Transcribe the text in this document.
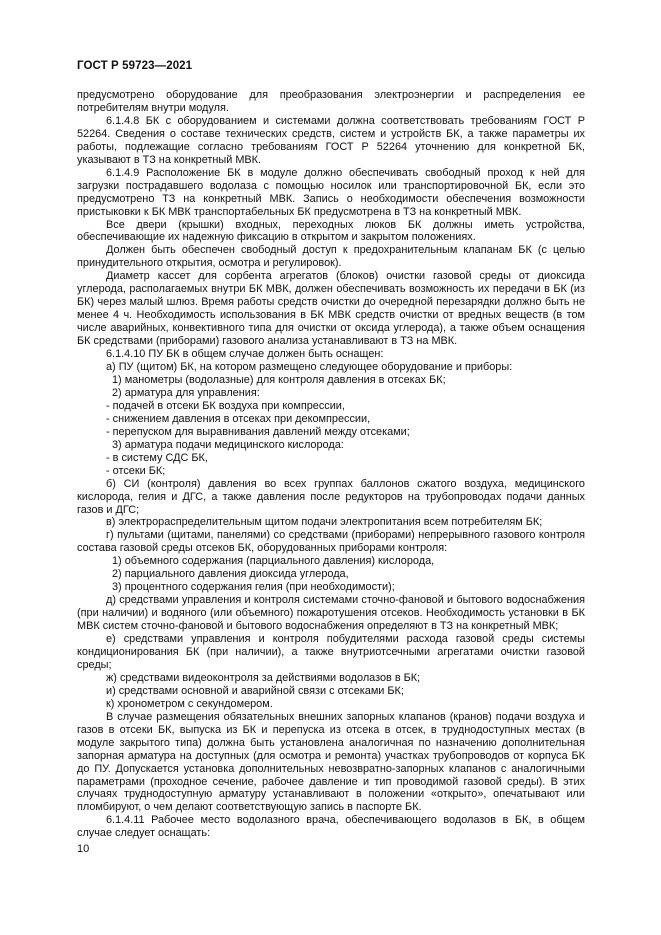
ГОСТ Р 59723—2021

предусмотрено оборудование для преобразования электроэнергии и распределения ее потребителям внутри модуля.

6.1.4.8 БК с оборудованием и системами должна соответствовать требованиям ГОСТ Р 52264. Сведения о составе технических средств, систем и устройств БК, а также параметры их работы, подлежащие согласно требованиям ГОСТ Р 52264 уточнению для конкретной БК, указывают в ТЗ на конкретный МВК.

6.1.4.9 Расположение БК в модуле должно обеспечивать свободный проход к ней для загрузки пострадавшего водолаза с помощью носилок или транспортировочной БК, если это предусмотрено ТЗ на конкретный МВК. Запись о необходимости обеспечения возможности пристыковки к БК МВК транспортабельных БК предусмотрена в ТЗ на конкретный МВК.

Все двери (крышки) входных, переходных люков БК должны иметь устройства, обеспечивающие их надежную фиксацию в открытом и закрытом положениях.

Должен быть обеспечен свободный доступ к предохранительным клапанам БК (с целью принудительного открытия, осмотра и регулировок).

Диаметр кассет для сорбента агрегатов (блоков) очистки газовой среды от диоксида углерода, располагаемых внутри БК МВК, должен обеспечивать возможность их передачи в БК (из БК) через малый шлюз. Время работы средств очистки до очередной перезарядки должно быть не менее 4 ч. Необходимость использования в БК МВК средств очистки от вредных веществ (в том числе аварийных, конвективного типа для очистки от оксида углерода), а также объем оснащения БК средствами (приборами) газового анализа устанавливают в ТЗ на МВК.

6.1.4.10 ПУ БК в общем случае должен быть оснащен:

а) ПУ (щитом) БК, на котором размещено следующее оборудование и приборы:

1) манометры (водолазные) для контроля давления в отсеках БК;

2) арматура для управления:

- подачей в отсеки БК воздуха при компрессии,

- снижением давления в отсеках при декомпрессии,

- перепуском для выравнивания давлений между отсеками;

3) арматура подачи медицинского кислорода:

- в систему СДС БК,

- отсеки БК;

б) СИ (контроля) давления во всех группах баллонов сжатого воздуха, медицинского кислорода, гелия и ДГС, а также давления после редукторов на трубопроводах подачи данных газов и ДГС;

в) электрораспределительным щитом подачи электропитания всем потребителям БК;

г) пультами (щитами, панелями) со средствами (приборами) непрерывного газового контроля состава газовой среды отсеков БК, оборудованных приборами контроля:

1) объемного содержания (парциального давления) кислорода,

2) парциального давления диоксида углерода,

3) процентного содержания гелия (при необходимости);

д) средствами управления и контроля системами сточно-фановой и бытового водоснабжения (при наличии) и водяного (или объемного) пожаротушения отсеков. Необходимость установки в БК МВК систем сточно-фановой и бытового водоснабжения определяют в ТЗ на конкретный МВК;

е) средствами управления и контроля побудителями расхода газовой среды системы кондиционирования БК (при наличии), а также внутриотсечными агрегатами очистки газовой среды;

ж) средствами видеоконтроля за действиями водолазов в БК;

и) средствами основной и аварийной связи с отсеками БК;

к) хронометром с секундомером.

В случае размещения обязательных внешних запорных клапанов (кранов) подачи воздуха и газов в отсеки БК, выпуска из БК и перепуска из отсека в отсек, в труднодоступных местах (в модуле закрытого типа) должна быть установлена аналогичная по назначению дополнительная запорная арматура на доступных (для осмотра и ремонта) участках трубопроводов от корпуса БК до ПУ. Допускается установка дополнительных невозвратно-запорных клапанов с аналогичными параметрами (проходное сечение, рабочее давление и тип проводимой газовой среды). В этих случаях труднодоступную арматуру устанавливают в положении «открыто», опечатывают или пломбируют, о чем делают соответствующую запись в паспорте БК.

6.1.4.11 Рабочее место водолазного врача, обеспечивающего водолазов в БК, в общем случае следует оснащать:

10
